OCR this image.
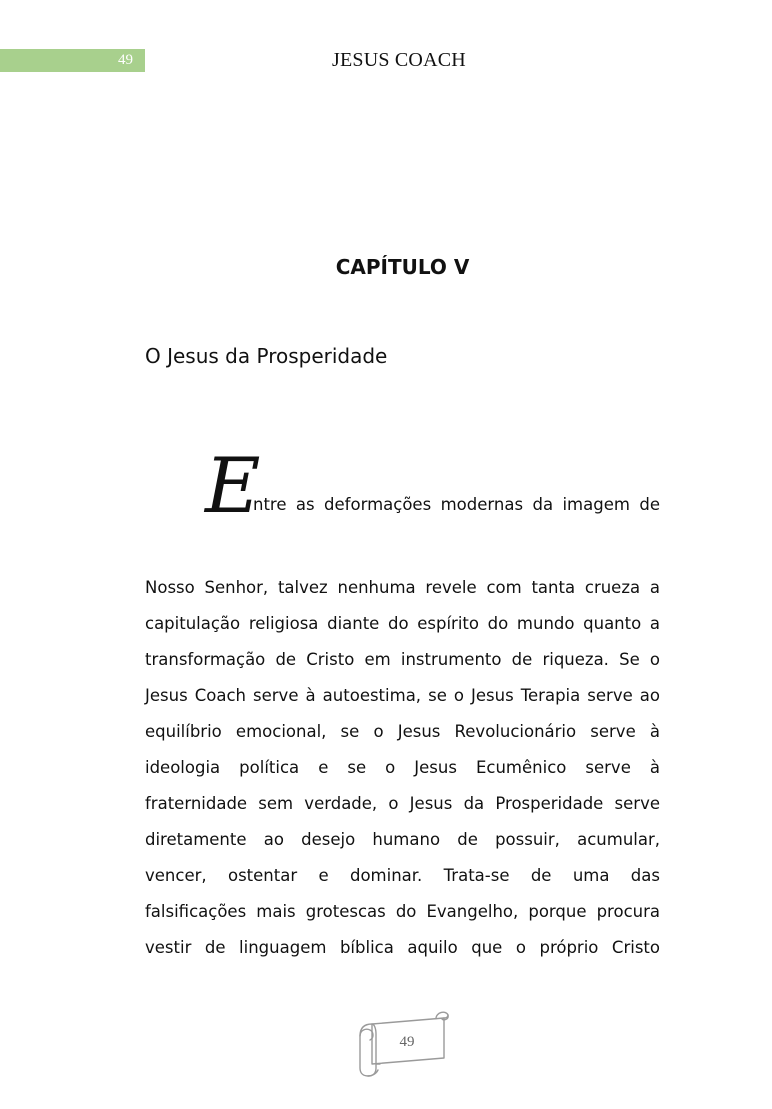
49	JESUS COACH
CAPÍTULO V
O Jesus da Prosperidade
E
ntre as deformações modernas da imagem de
Nosso Senhor, talvez nenhuma revele com tanta crueza a
capitulação religiosa diante do espírito do mundo quanto a
transformação de Cristo em instrumento de riqueza. Se o
Jesus Coach serve à autoestima, se o Jesus Terapia serve ao
equilíbrio emocional, se o Jesus Revolucionário serve à
ideologia política e se o Jesus Ecumênico serve à
fraternidade sem verdade, o Jesus da Prosperidade serve
diretamente ao desejo humano de possuir, acumular,
vencer, ostentar e dominar. Trata-se de uma das
falsificações mais grotescas do Evangelho, porque procura
vestir de linguagem bíblica aquilo que o próprio Cristo
49
